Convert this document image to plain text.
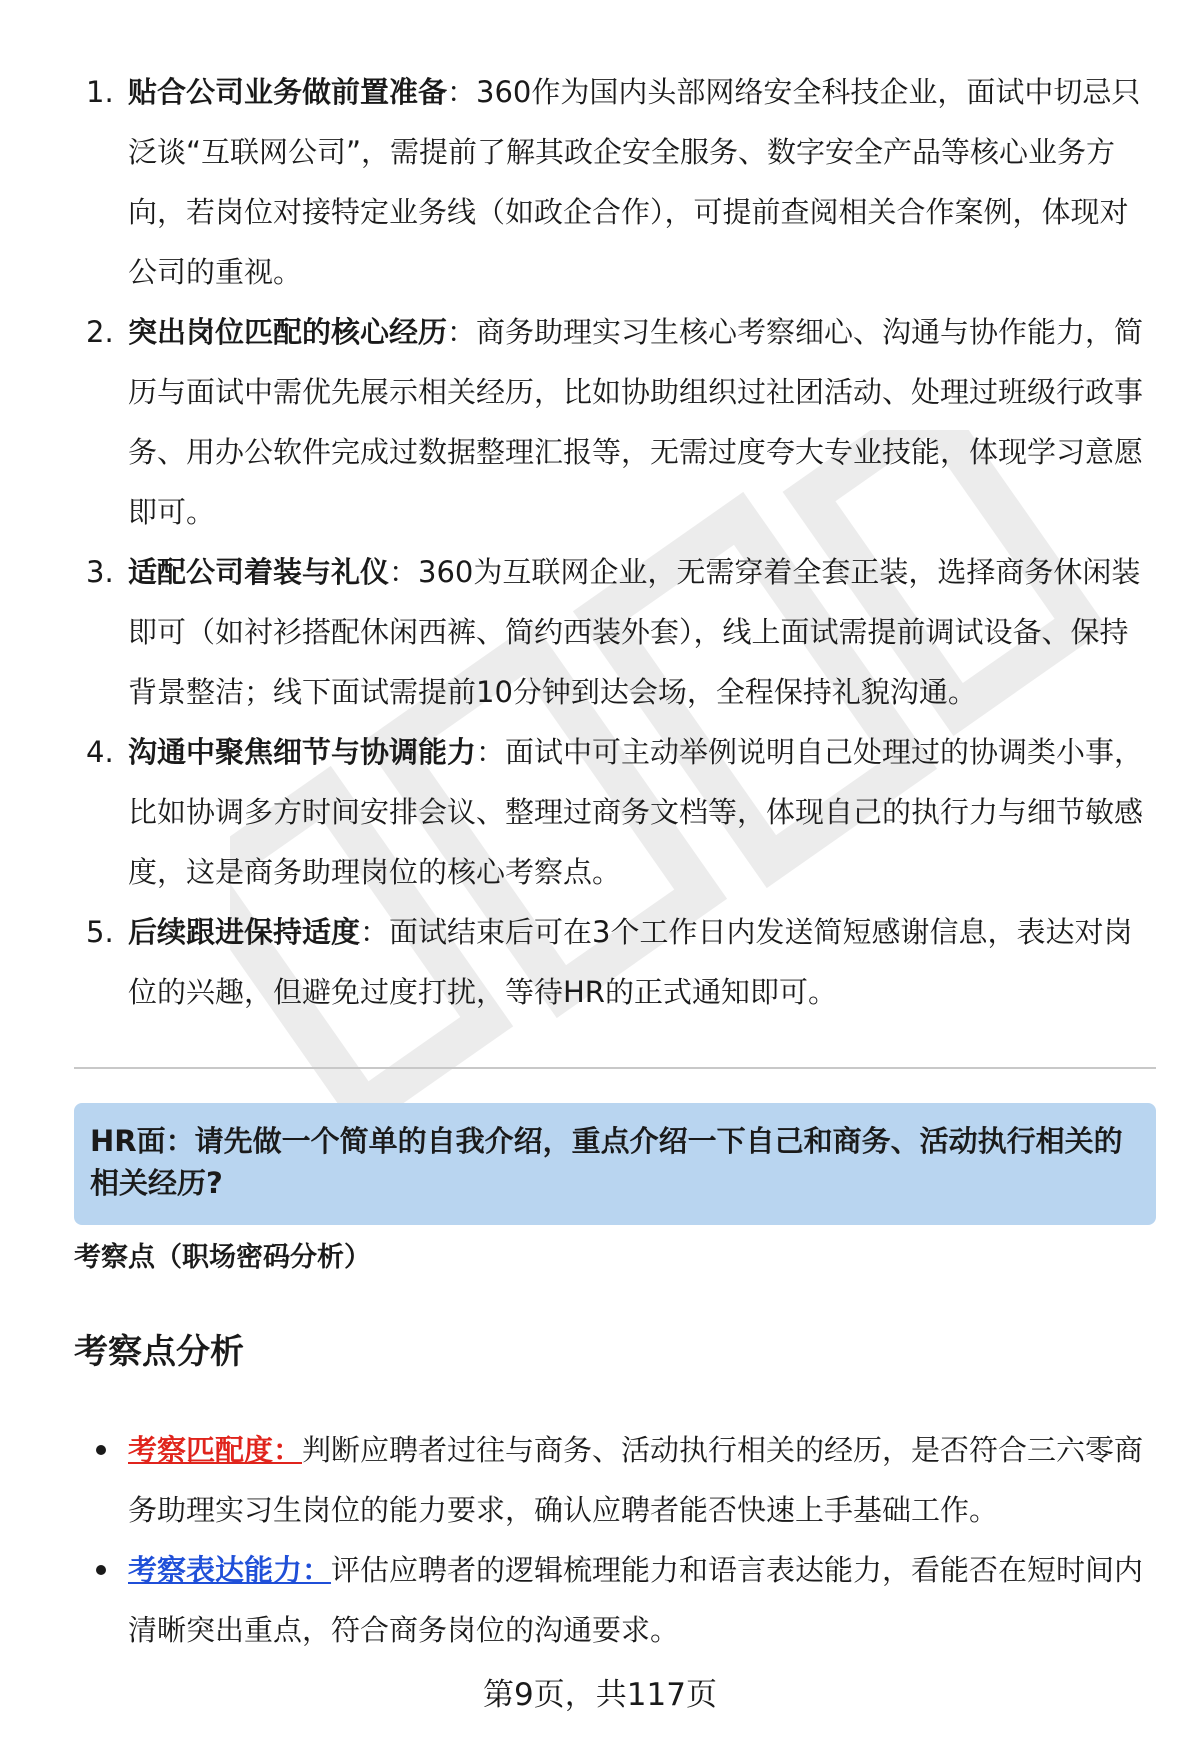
1. 贴合公司业务做前置准备：360作为国内头部网络安全科技企业，面试中切忌只泛谈“互联网公司”，需提前了解其政企安全服务、数字安全产品等核心业务方向，若岗位对接特定业务线（如政企合作），可提前查阅相关合作案例，体现对公司的重视。
2. 突出岗位匹配的核心经历：商务助理实习生核心考察细心、沟通与协作能力，简历与面试中需优先展示相关经历，比如协助组织过社团活动、处理过班级行政事务、用办公软件完成过数据整理汇报等，无需过度夸大专业技能，体现学习意愿即可。
3. 适配公司着装与礼仪：360为互联网企业，无需穿着全套正装，选择商务休闲装即可（如衬衫搭配休闲西裤、简约西装外套），线上面试需提前调试设备、保持背景整洁；线下面试需提前10分钟到达会场，全程保持礼貌沟通。
4. 沟通中聚焦细节与协调能力：面试中可主动举例说明自己处理过的协调类小事，比如协调多方时间安排会议、整理过商务文档等，体现自己的执行力与细节敏感度，这是商务助理岗位的核心考察点。
5. 后续跟进保持适度：面试结束后可在3个工作日内发送简短感谢信息，表达对岗位的兴趣，但避免过度打扰，等待HR的正式通知即可。
HR面：请先做一个简单的自我介绍，重点介绍一下自己和商务、活动执行相关的相关经历?
考察点（职场密码分析）
考察点分析
考察匹配度：判断应聘者过往与商务、活动执行相关的经历，是否符合三六零商务助理实习生岗位的能力要求，确认应聘者能否快速上手基础工作。
考察表达能力：评估应聘者的逻辑梳理能力和语言表达能力，看能否在短时间内清晰突出重点，符合商务岗位的沟通要求。
第9页，共117页
